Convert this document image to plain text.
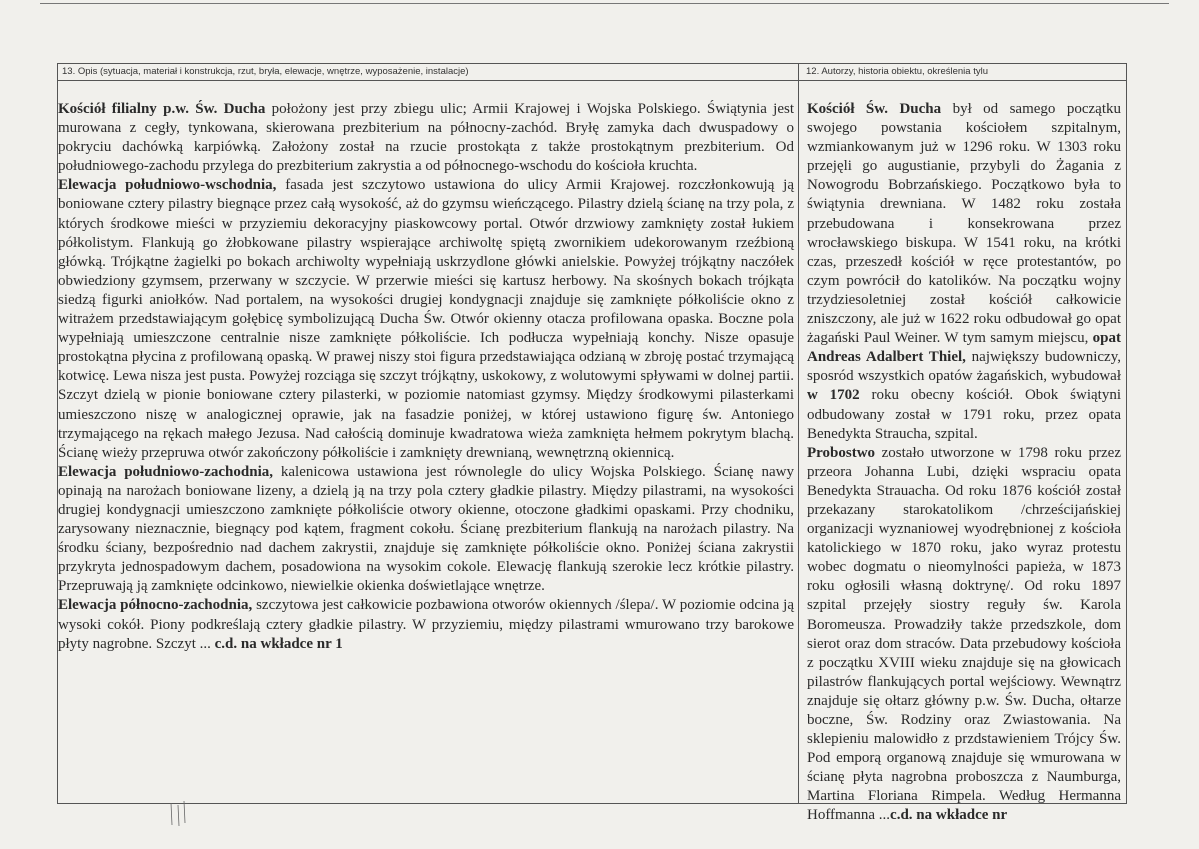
13. Opis (sytuacja, materiał i konstrukcja, rzut, bryła, elewacje, wnętrze, wyposażenie, instalacje)	12. Autorzy, historia obiektu, określenia tylu

Kościół filialny p.w. Św. Ducha położony jest przy zbiegu ulic; Armii Krajowej i Wojska Polskiego. Świątynia jest murowana z cegły, tynkowana, skierowana prezbiterium na północny-zachód. Bryłę zamyka dach dwuspadowy o pokryciu dachówką karpiówką. Założony został na rzucie prostokąta z także prostokątnym prezbiterium. Od południowego-zachodu przylega do prezbiterium zakrystia a od północnego-wschodu do kościoła kruchta.

Elewacja południowo-wschodnia, fasada jest szczytowo ustawiona do ulicy Armii Krajowej. rozczłonkowują ją boniowane cztery pilastry biegnące przez całą wysokość, aż do gzymsu wieńczącego. Pilastry dzielą ścianę na trzy pola, z których środkowe mieści w przyziemiu dekoracyjny piaskowcowy portal. Otwór drzwiowy zamknięty został łukiem półkolistym. Flankują go żłobkowane pilastry wspierające archiwoltę spiętą zwornikiem udekorowanym rzeźbioną główką. Trójkątne żagielki po bokach archiwolty wypełniają uskrzydlone główki anielskie. Powyżej trójkątny naczółek obwiedziony gzymsem, przerwany w szczycie. W przerwie mieści się kartusz herbowy. Na skośnych bokach trójkąta siedzą figurki aniołków. Nad portalem, na wysokości drugiej kondygnacji znajduje się zamknięte półkoliście okno z witrażem przedstawiającym gołębicę symbolizującą Ducha Św. Otwór okienny otacza profilowana opaska. Boczne pola wypełniają umieszczone centralnie nisze zamknięte półkoliście. Ich podłucza wypełniają konchy. Nisze opasuje prostokątna płycina z profilowaną opaską. W prawej niszy stoi figura przedstawiająca odzianą w zbroję postać trzymającą kotwicę. Lewa nisza jest pusta. Powyżej rozciąga się szczyt trójkątny, uskokowy, z wolutowymi spływami w dolnej partii. Szczyt dzielą w pionie boniowane cztery pilasterki, w poziomie natomiast gzymsy. Między środkowymi pilasterkami umieszczono niszę w analogicznej oprawie, jak na fasadzie poniżej, w której ustawiono figurę św. Antoniego trzymającego na rękach małego Jezusa. Nad całością dominuje kwadratowa wieża zamknięta hełmem pokrytym blachą. Ścianę wieży przepruwa otwór zakończony półkoliście i zamknięty drewnianą, wewnętrzną okiennicą.

Elewacja południowo-zachodnia, kalenicowa ustawiona jest równolegle do ulicy Wojska Polskiego. Ścianę nawy opinają na narożach boniowane lizeny, a dzielą ją na trzy pola cztery gładkie pilastry. Między pilastrami, na wysokości drugiej kondygnacji umieszczono zamknięte półkoliście otwory okienne, otoczone gładkimi opaskami. Przy chodniku, zarysowany nieznacznie, biegnący pod kątem, fragment cokołu. Ścianę prezbiterium flankują na narożach pilastry. Na środku ściany, bezpośrednio nad dachem zakrystii, znajduje się zamknięte półkoliście okno. Poniżej ściana zakrystii przykryta jednospadowym dachem, posadowiona na wysokim cokole. Elewację flankują szerokie lecz krótkie pilastry. Przepruwają ją zamknięte odcinkowo, niewielkie okienka doświetlające wnętrze.

Elewacja północno-zachodnia, szczytowa jest całkowicie pozbawiona otworów okiennych /ślepa/. W poziomie odcina ją wysoki cokół. Piony podkreślają cztery gładkie pilastry. W przyziemiu, między pilastrami wmurowano trzy barokowe płyty nagrobne. Szczyt ... c.d. na wkładce nr 1

Kościół Św. Ducha był od samego początku swojego powstania kościołem szpitalnym, wzmiankowanym już w 1296 roku. W 1303 roku przejęli go augustianie, przybyli do Żagania z Nowogrodu Bobrzańskiego. Początkowo była to świątynia drewniana. W 1482 roku została przebudowana i konsekrowana przez wrocławskiego biskupa. W 1541 roku, na krótki czas, przeszedł kościół w ręce protestantów, po czym powrócił do katolików. Na początku wojny trzydziesoletniej został kościół całkowicie zniszczony, ale już w 1622 roku odbudował go opat żagański Paul Weiner. W tym samym miejscu, opat Andreas Adalbert Thiel, największy budowniczy, sposród wszystkich opatów żagańskich, wybudował w 1702 roku obecny kościół. Obok świątyni odbudowany został w 1791 roku, przez opata Benedykta Straucha, szpital.

Probostwo zostało utworzone w 1798 roku przez przeora Johanna Lubi, dzięki wspraciu opata Benedykta Strauacha. Od roku 1876 kościół został przekazany starokatolikom /chrześcijańskiej organizacji wyznaniowej wyodrębnionej z kościoła katolickiego w 1870 roku, jako wyraz protestu wobec dogmatu o nieomylności papieża, w 1873 roku ogłosili własną doktrynę/. Od roku 1897 szpital przejęły siostry reguły św. Karola Boromeusza. Prowadziły także przedszkole, dom sierot oraz dom straców. Data przebudowy kościoła z początku XVIII wieku znajduje się na głowicach pilastrów flankujących portal wejściowy. Wewnątrz znajduje się ołtarz główny p.w. Św. Ducha, ołtarze boczne, Św. Rodziny oraz Zwiastowania. Na sklepieniu malowidło z przdstawieniem Trójcy Św. Pod emporą organową znajduje się wmurowana w ścianę płyta nagrobna proboszcza z Naumburga, Martina Floriana Rimpela. Według Hermanna Hoffmanna ...c.d. na wkładce nr
